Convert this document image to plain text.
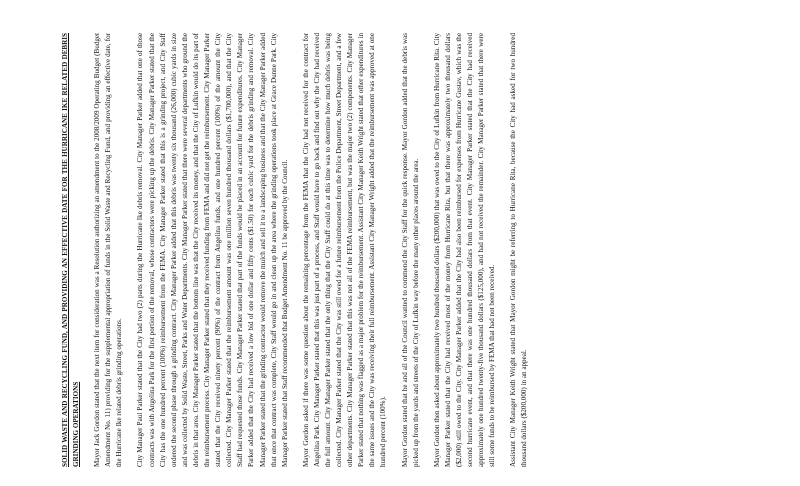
SOLID WASTE AND RECYCLING FUND, AND PROVIDING AN EFFECTIVE DATE FOR THE HURRICANE IKE RELATED DEBRIS GRINDING OPERATIONS Mayor Jack Gordon stated that the next item for consideration was a Resolution authorizing an amendment to the 2008/2009 Operating Budget (Budget Amendment No. 11) providing for the supplemental appropriation of funds in the Solid Waste and Recycling Fund, and providing an effective date, for the Hurricane Ike related debris grinding operations. City Manager Paul Parker stated that the City had two (2) parts during the Hurricane Ike debris removal. City Manager Parker added that one of those contracts was with Angelina Park for the first portion of the removal, whose contractors were picking up the debris. City Manager Parker stated that the City has the one hundred percent (100%) reimbursement from the FEMA. City Manager Parker stated that this is a grinding project, and City Staff ordered the second phase through a grinding contract. City Manager Parker added that this debris was twenty six thousand (26,000) cubic yards in size and was collected by Solid Waste, Street, Parks and Water Departments. City Manager Parker stated that there were several departments who ground the debris in that area. City Manager Parker stated that the bottom line was that the City received its money, and that the City of Lufkin would do its part of the reimbursement process. City Manager Parker stated that they received funding from FEMA and did not get the reimbursement. City Manager Parker stated that the City received ninety percent (90%) of the contract from Angelina funds, and one hundred percent (100%) of the amount the City collected. City Manager Parker stated that the reimbursement amount was one million seven hundred thousand dollars ($1,700,000), and that the City Staff had requested those funds. City Manager Parker stated that part of the funds would be placed in an account for future expenditures. City Manager Parker added that the City had received a low bid of one dollar and fifty cents ($1.50) for each cubic yard for the debris grinding and removal. City Manager Parker stated that the grinding contractor would remove the mulch and sell it to a landscaping business and that the City Manager Parker added that once that contract was complete, City Staff would go in and clean up the area where the grinding operations took place at Grace Dunne Park. City Manager Parker stated that Staff recommended that Budget Amendment No. 11 be approved by the Council. Mayor Gordon asked if there was some question about the remaining percentage from the FEMA that the City had not received for the contract for Angelina Park. City Manager Parker stated that this was just part of a process, and Staff would have to go back and find out why the City had received the full amount. City Manager Parker stated that the only thing that the City Staff could do at this time was to determine how much debris was being collected. City Manager Parker stated that the City was still owed for a future reimbursement from the Police Department, Street Department, and a few other departments. City Manager Parker stated that this was not all of the FEMA reimbursement, but was the major two (2) components. City Manager Parker stated that nothing was flagged as a major problem for the reimbursement. Assistant City Manager Keith Wright stated that other expenditures in the same issues and the City was receiving their full reimbursement. Assistant City Manager Wright added that the reimbursement was approved at one hundred percent (100%). Mayor Gordon stated that he and all of the Council wanted to commend the City Staff for the quick response. Mayor Gordon added that the debris was picked up from the yards and streets of the City of Lufkin way before the many other places around the area. Mayor Gordon then asked about approximately two hundred thousand dollars ($200,000) that was owed to the City of Lufkin from Hurricane Rita. City Manager Parker stated that the City had received most of the money from Hurricane Rita, but that there was approximately two thousand dollars ($2,000) still owed to the City. City Manager Parker added that the City had also been reimbursed for expenses from Hurricane Gustav, which was the second hurricane event, and that there was one hundred thousand dollars from that event. City Manager Parker stated that the City had received approximately one hundred twenty-five thousand dollars ($125,000), and had not received the remainder. City Manager Parker stated that there were still some funds to be reimbursed by FEMA that had not been received. Assistant City Manager Keith Wright stated that Mayor Gordon might be referring to Hurricane Rita, because the City had asked for two hundred thousand dollars ($200,000) in an appeal.
